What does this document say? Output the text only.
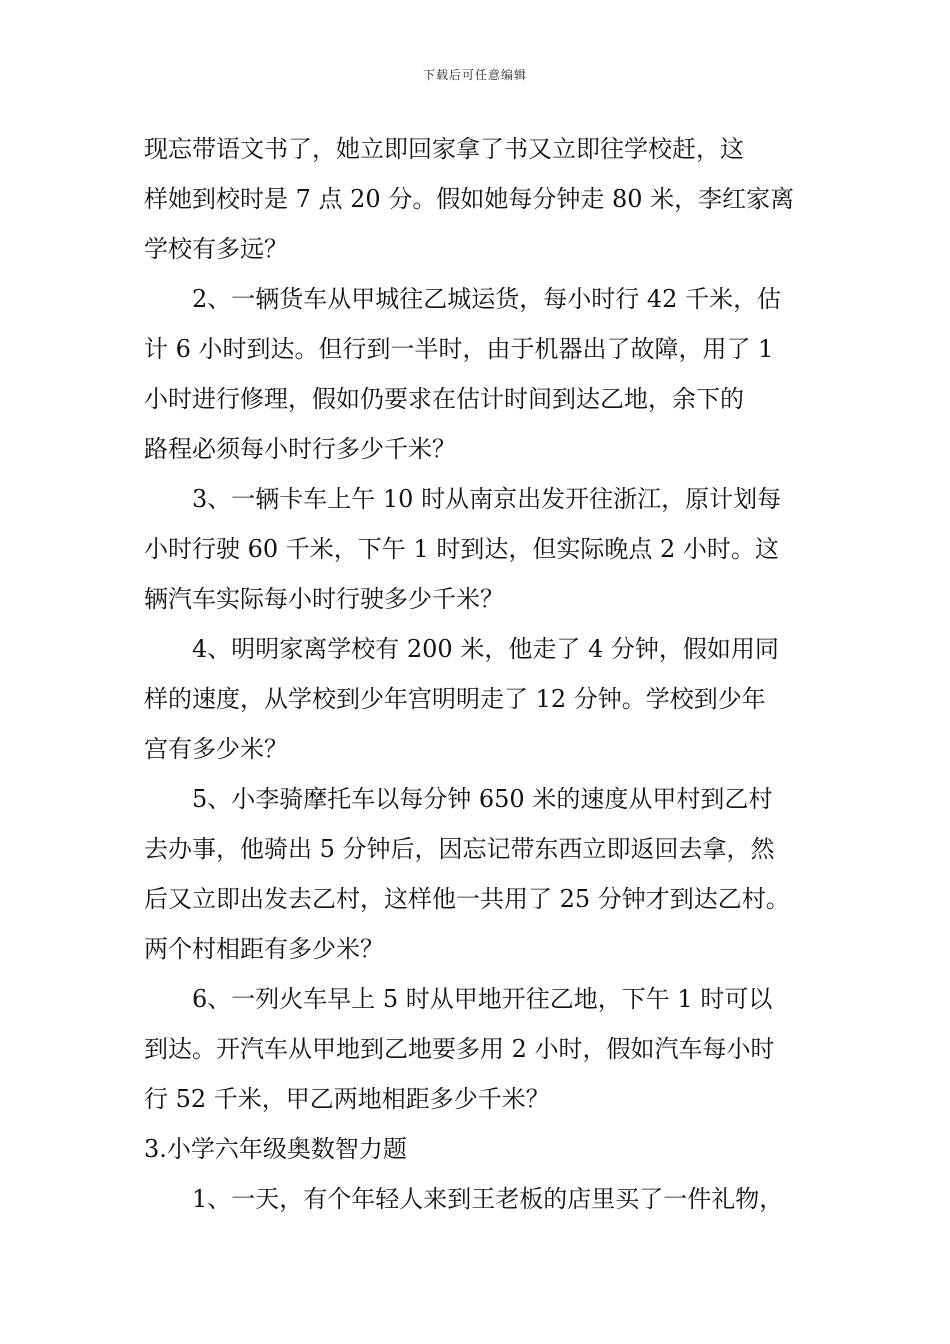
下载后可任意编辑
现忘带语文书了，她立即回家拿了书又立即往学校赶，这
样她到校时是 7 点 20 分。假如她每分钟走 80 米，李红家离
学校有多远？
2、一辆货车从甲城往乙城运货，每小时行 42 千米，估
计 6 小时到达。但行到一半时，由于机器出了故障，用了 1
小时进行修理，假如仍要求在估计时间到达乙地，余下的
路程必须每小时行多少千米？
3、一辆卡车上午 10 时从南京出发开往浙江，原计划每
小时行驶 60 千米，下午 1 时到达，但实际晚点 2 小时。这
辆汽车实际每小时行驶多少千米？
4、明明家离学校有 200 米，他走了 4 分钟，假如用同
样的速度，从学校到少年宫明明走了 12 分钟。学校到少年
宫有多少米？
5、小李骑摩托车以每分钟 650 米的速度从甲村到乙村
去办事，他骑出 5 分钟后，因忘记带东西立即返回去拿，然
后又立即出发去乙村，这样他一共用了 25 分钟才到达乙村。
两个村相距有多少米？
6、一列火车早上 5 时从甲地开往乙地，下午 1 时可以
到达。开汽车从甲地到乙地要多用 2 小时，假如汽车每小时
行 52 千米，甲乙两地相距多少千米？
3.小学六年级奥数智力题
1、一天，有个年轻人来到王老板的店里买了一件礼物，
